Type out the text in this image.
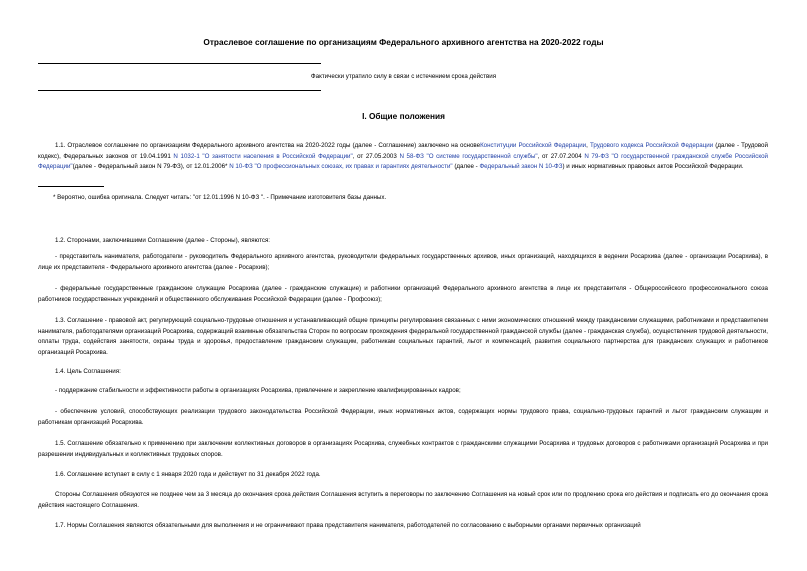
Отраслевое соглашение по организациям Федерального архивного агентства на 2020-2022 годы
Фактически утратило силу в связи с истечением срока действия
I. Общие положения

1.1. Отраслевое соглашение по организациям Федерального архивного агентства на 2020-2022 годы (далее - Соглашение) заключено на основеКонституции Российской Федерации, Трудового кодекса Российской Федерации (далее - Трудовой кодекс), Федеральных законов от 19.04.1991 N 1032-1 "О занятости населения в Российской Федерации", от 27.05.2003 N 58-ФЗ "О системе государственной службы", от 27.07.2004 N 79-ФЗ "О государственной гражданской службе Российской Федерации"(далее - Федеральный закон N 79-ФЗ), от 12.01.2006* N 10-ФЗ "О профессиональных союзах, их правах и гарантиях деятельности" (далее - Федеральный закон N 10-ФЗ) и иных нормативных правовых актов Российской Федерации.

* Вероятно, ошибка оригинала. Следует читать: "от 12.01.1996 N 10-ФЗ ". - Примечание изготовителя базы данных.

1.2. Сторонами, заключившими Соглашение (далее - Стороны), являются:

- представитель нанимателя, работодатели - руководитель Федерального архивного агентства, руководители федеральных государственных архивов, иных организаций, находящихся в ведении Росархива (далее - организации Росархива), в лице их представителя - Федерального архивного агентства (далее - Росархив);

- федеральные государственные гражданские служащие Росархива (далее - гражданские служащие) и работники организаций Федерального архивного агентства в лице их представителя - Общероссийского профессионального союза работников государственных учреждений и общественного обслуживания Российской Федерации (далее - Профсоюз);

1.3. Соглашение - правовой акт, регулирующий социально-трудовые отношения и устанавливающий общие принципы регулирования связанных с ними экономических отношений между гражданскими служащими, работниками и представителем нанимателя, работодателями организаций Росархива, содержащий взаимные обязательства Сторон по вопросам прохождения федеральной государственной гражданской службы (далее - гражданская служба), осуществления трудовой деятельности, оплаты труда, содействия занятости, охраны труда и здоровья, предоставление гражданским служащим, работникам социальных гарантий, льгот и компенсаций, развития социального партнерства для гражданских служащих и работников организаций Росархива.

1.4. Цель Соглашения:

- поддержание стабильности и эффективности работы в организациях Росархива, привлечение и закрепление квалифицированных кадров;

- обеспечение условий, способствующих реализации трудового законодательства Российской Федерации, иных нормативных актов, содержащих нормы трудового права, социально-трудовых гарантий и льгот гражданским служащим и работникам организаций Росархива.

1.5. Соглашение обязательно к применению при заключении коллективных договоров в организациях Росархива, служебных контрактов с гражданскими служащими Росархива и трудовых договоров с работниками организаций Росархива и при разрешении индивидуальных и коллективных трудовых споров.

1.6. Соглашение вступает в силу с 1 января 2020 года и действует по 31 декабря 2022 года.

Стороны Соглашения обязуются не позднее чем за 3 месяца до окончания срока действия Соглашения вступить в переговоры по заключению Соглашения на новый срок или по продлению срока его действия и подписать его до окончания срока действия настоящего Соглашения.

1.7. Нормы Соглашения являются обязательными для выполнения и не ограничивают права представителя нанимателя, работодателей по согласованию с выборными органами первичных организаций
